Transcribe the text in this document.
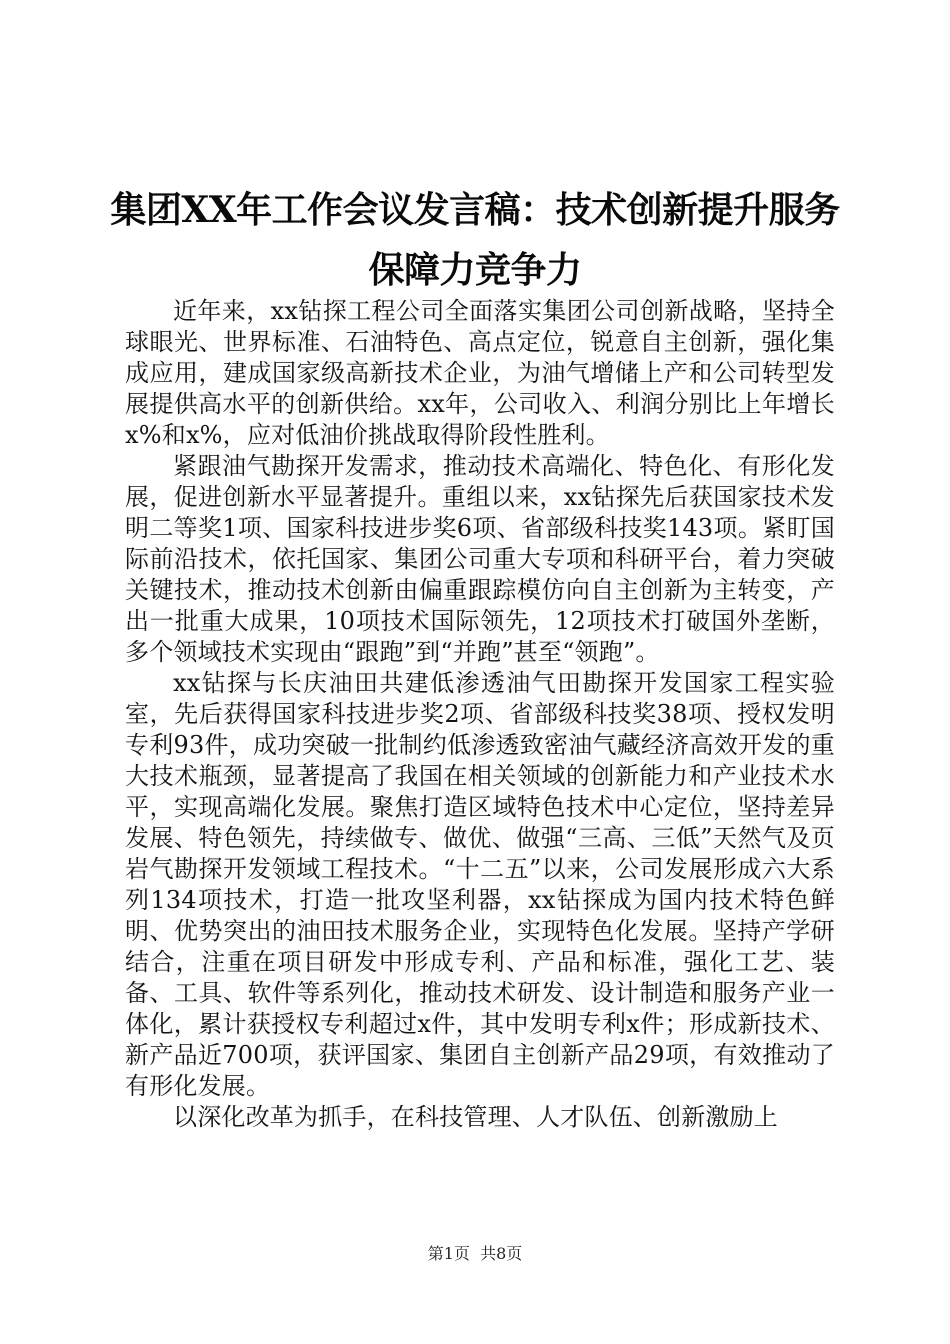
集团XX年工作会议发言稿：技术创新提升服务保障力竞争力

近年来，xx钻探工程公司全面落实集团公司创新战略，坚持全球眼光、世界标准、石油特色、高点定位，锐意自主创新，强化集成应用，建成国家级高新技术企业，为油气增储上产和公司转型发展提供高水平的创新供给。xx年，公司收入、利润分别比上年增长x%和x%，应对低油价挑战取得阶段性胜利。

紧跟油气勘探开发需求，推动技术高端化、特色化、有形化发展，促进创新水平显著提升。重组以来，xx钻探先后获国家技术发明二等奖1项、国家科技进步奖6项、省部级科技奖143项。紧盯国际前沿技术，依托国家、集团公司重大专项和科研平台，着力突破关键技术，推动技术创新由偏重跟踪模仿向自主创新为主转变，产出一批重大成果，10项技术国际领先，12项技术打破国外垄断，多个领域技术实现由“跟跑”到“并跑”甚至“领跑”。

xx钻探与长庆油田共建低渗透油气田勘探开发国家工程实验室，先后获得国家科技进步奖2项、省部级科技奖38项、授权发明专利93件，成功突破一批制约低渗透致密油气藏经济高效开发的重大技术瓶颈，显著提高了我国在相关领域的创新能力和产业技术水平，实现高端化发展。聚焦打造区域特色技术中心定位，坚持差异发展、特色领先，持续做专、做优、做强“三高、三低”天然气及页岩气勘探开发领域工程技术。“十二五”以来，公司发展形成六大系列134项技术，打造一批攻坚利器，xx钻探成为国内技术特色鲜明、优势突出的油田技术服务企业，实现特色化发展。坚持产学研结合，注重在项目研发中形成专利、产品和标准，强化工艺、装备、工具、软件等系列化，推动技术研发、设计制造和服务产业一体化，累计获授权专利超过x件，其中发明专利x件；形成新技术、新产品近700项，获评国家、集团自主创新产品29项，有效推动了有形化发展。

以深化改革为抓手，在科技管理、人才队伍、创新激励上

第1页 共8页
